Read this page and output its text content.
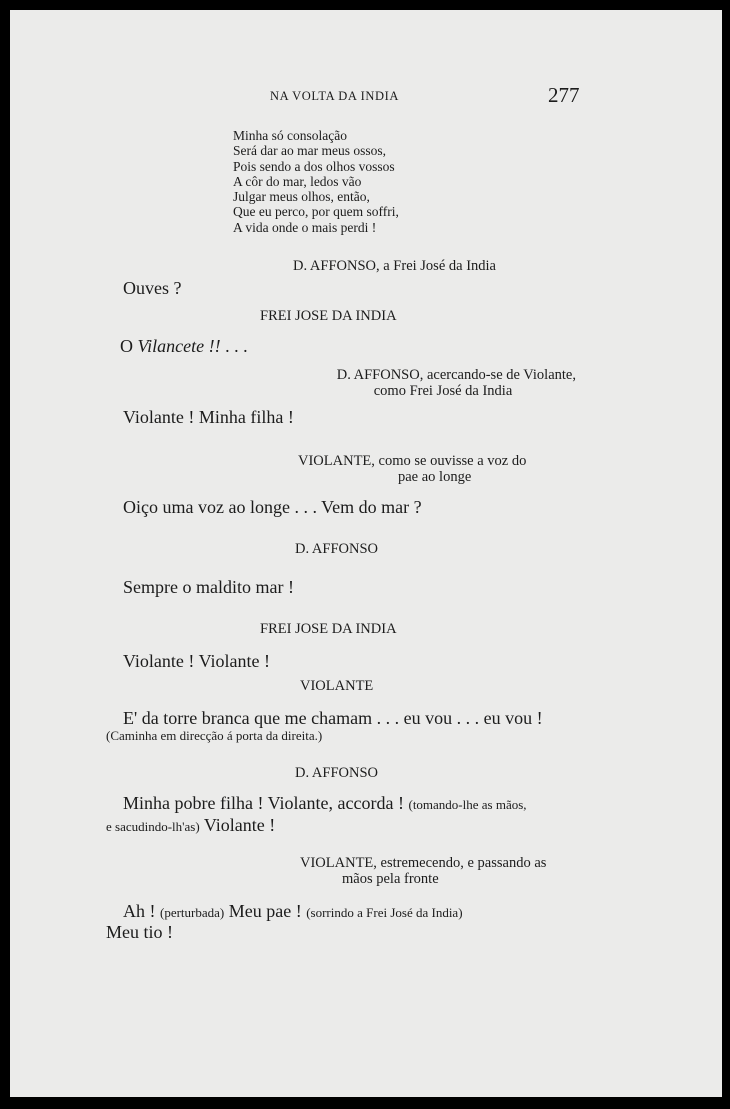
NA VOLTA DA INDIA	277
Minha só consolação
Será dar ao mar meus ossos,
Pois sendo a dos olhos vossos
A côr do mar, ledos vão
Julgar meus olhos, então,
Que eu perco, por quem soffri,
A vida onde o mais perdi !
D. AFFONSO, a Frei José da India
Ouves ?
FREI JOSE DA INDIA
O Vilancete !! . . .
D. AFFONSO, acercando-se de Violante,
como Frei José da India
Violante ! Minha filha !
VIOLANTE, como se ouvisse a voz do
pae ao longe
Oiço uma voz ao longe . . . Vem do mar ?
D. AFFONSO
Sempre o maldito mar !
FREI JOSE DA INDIA
Violante ! Violante !
VIOLANTE
E' da torre branca que me chamam . . . eu vou . . . eu vou !
(Caminha em direcção á porta da direita.)
D. AFFONSO
Minha pobre filha ! Violante, accorda ! (tomando-lhe as mãos,
e sacudindo-lh'as) Violante !
VIOLANTE, estremecendo, e passando as
mãos pela fronte
Ah ! (perturbada) Meu pae ! (sorrindo a Frei José da India)
Meu tio !
